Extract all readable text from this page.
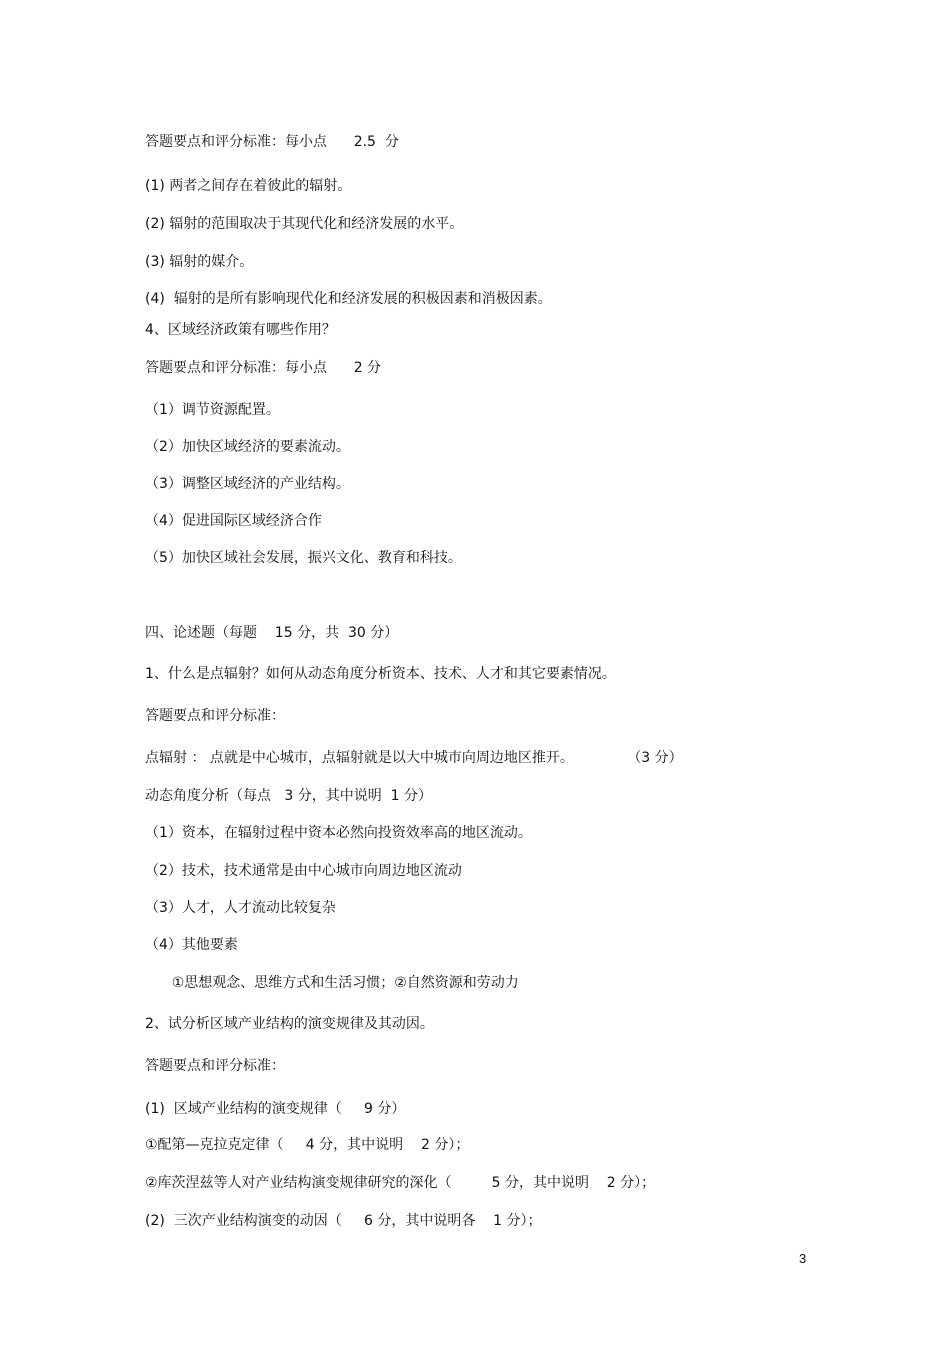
答题要点和评分标准：每小点      2.5  分

(1) 两者之间存在着彼此的辐射。

(2) 辐射的范围取决于其现代化和经济发展的水平。

(3) 辐射的媒介。

(4)  辐射的是所有影响现代化和经济发展的积极因素和消极因素。

4、区域经济政策有哪些作用？

答题要点和评分标准：每小点      2 分

（1）调节资源配置。

（2）加快区域经济的要素流动。

（3）调整区域经济的产业结构。

（4）促进国际区域经济合作

（5）加快区域社会发展，振兴文化、教育和科技。

四、论述题（每题    15 分，共  30 分）

1、什么是点辐射？如何从动态角度分析资本、技术、人才和其它要素情况。

答题要点和评分标准：

点辐射 ： 点就是中心城市，点辐射就是以大中城市向周边地区推开。            （3 分）

动态角度分析（每点   3 分，其中说明  1 分）

（1）资本，在辐射过程中资本必然向投资效率高的地区流动。

（2）技术，技术通常是由中心城市向周边地区流动

（3）人才，人才流动比较复杂

（4）其他要素

①思想观念、思维方式和生活习惯；②自然资源和劳动力

2、试分析区域产业结构的演变规律及其动因。

答题要点和评分标准：

(1)  区域产业结构的演变规律（     9 分）

①配第—克拉克定律（     4 分，其中说明    2 分）；

②库茨涅兹等人对产业结构演变规律研究的深化（         5 分，其中说明    2 分）；

(2)  三次产业结构演变的动因（     6 分，其中说明各    1 分）；

3
